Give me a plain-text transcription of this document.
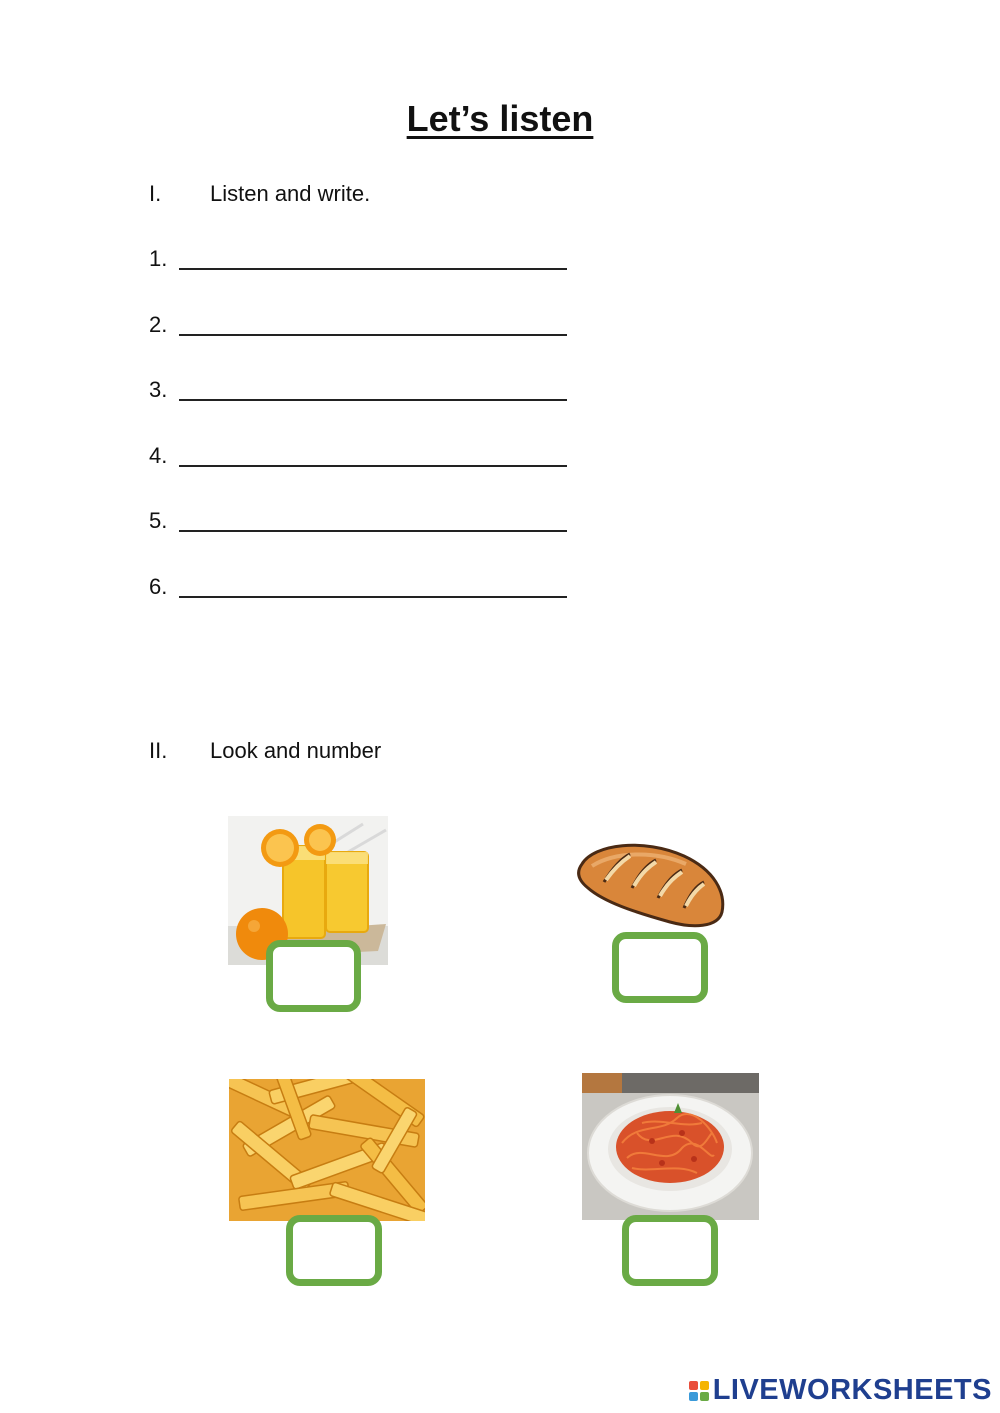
Let’s listen
I. Listen and write.
1.
2.
3.
4.
5.
6.
II. Look and number
LIVEWORKSHEETS
